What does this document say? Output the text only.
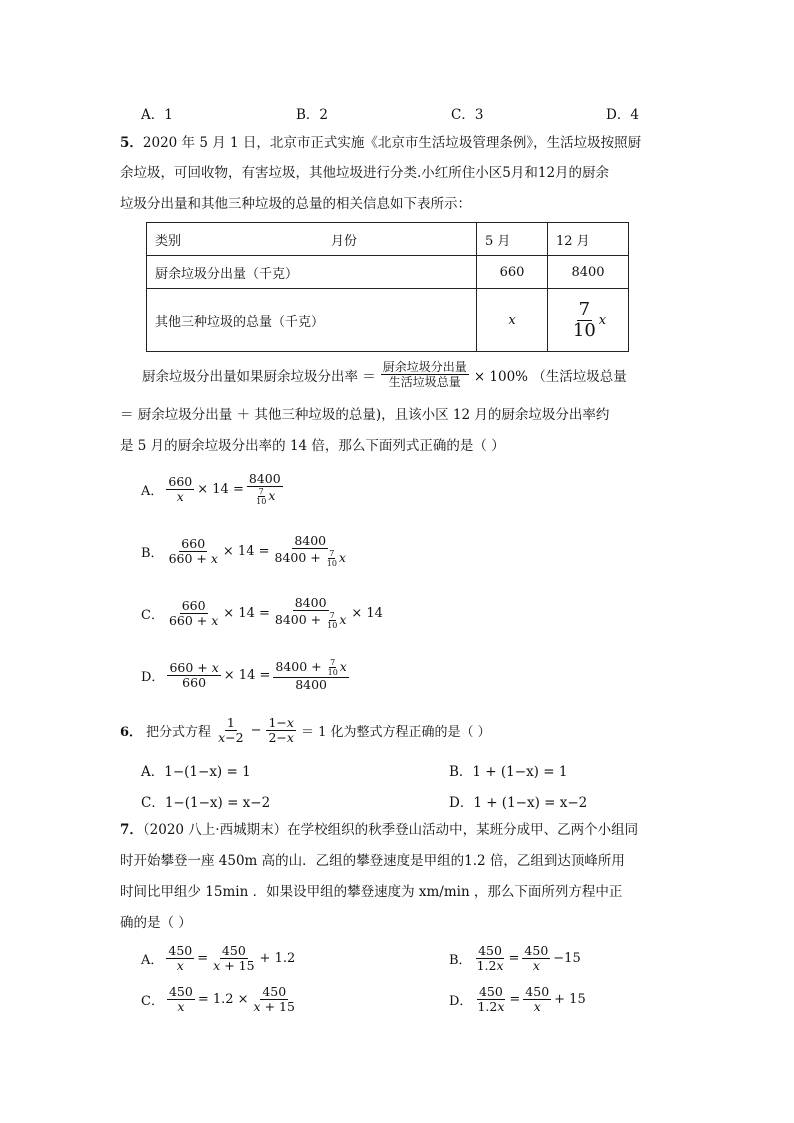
A．1	B．2	C．3	D．4
5．2020 年 5 月 1 日，北京市正式实施《北京市生活垃圾管理条例》，生活垃圾按照厨
余垃圾，可回收物，有害垃圾，其他垃圾进行分类.小红所住小区5月和12月的厨余
垃圾分出量和其他三种垃圾的总量的相关信息如下表所示：
类别 月份	5 月	12 月
厨余垃圾分出量（千克）	660	8400
其他三种垃圾的总量（千克）	x	$\frac{7}{10}$ x
厨余垃圾分出量如果厨余垃圾分出率 ＝ $\frac{\text{厨余垃圾分出量}}{\text{生活垃圾总量}} \times 100\%$ （生活垃圾总量
＝ 厨余垃圾分出量 ＋ 其他三种垃圾的总量)，且该小区 12 月的厨余垃圾分出率约
是 5 月的厨余垃圾分出率的 14 倍，那么下面列式正确的是（ ）
A． $\frac{660}{x} \times 14 = \frac{8400}{\frac{7}{10} x}$
B． $\frac{660}{660 + x} \times 14 = \frac{8400}{8400 + \frac{7}{10} x}$
C． $\frac{660}{660 + x} \times 14 = \frac{8400}{8400 + \frac{7}{10} x} \times 14$
D． $\frac{660 + x}{660} \times 14 = \frac{8400 + \frac{7}{10} x}{8400}$
6． 把分式方程 $\frac{1}{x-2} - \frac{1-x}{2-x} = 1$ 化为整式方程正确的是（ ）
A．1−(1−x) = 1	B．1 + (1−x) = 1
C．1−(1−x) = x−2	D．1 + (1−x) = x−2
7．（2020 八上·西城期末）在学校组织的秋季登山活动中，某班分成甲、乙两个小组同
时开始攀登一座 450m 高的山．乙组的攀登速度是甲组的1.2 倍，乙组到达顶峰所用
时间比甲组少 15min ．如果设甲组的攀登速度为 xm/min ，那么下面所列方程中正
确的是（ ）
A． $\frac{450}{x} = \frac{450}{x + 15} + 1.2$	B． $\frac{450}{1.2x} = \frac{450}{x} -15$
C． $\frac{450}{x} = 1.2 \times \frac{450}{x + 15}$	D． $\frac{450}{1.2x} = \frac{450}{x} + 15$
